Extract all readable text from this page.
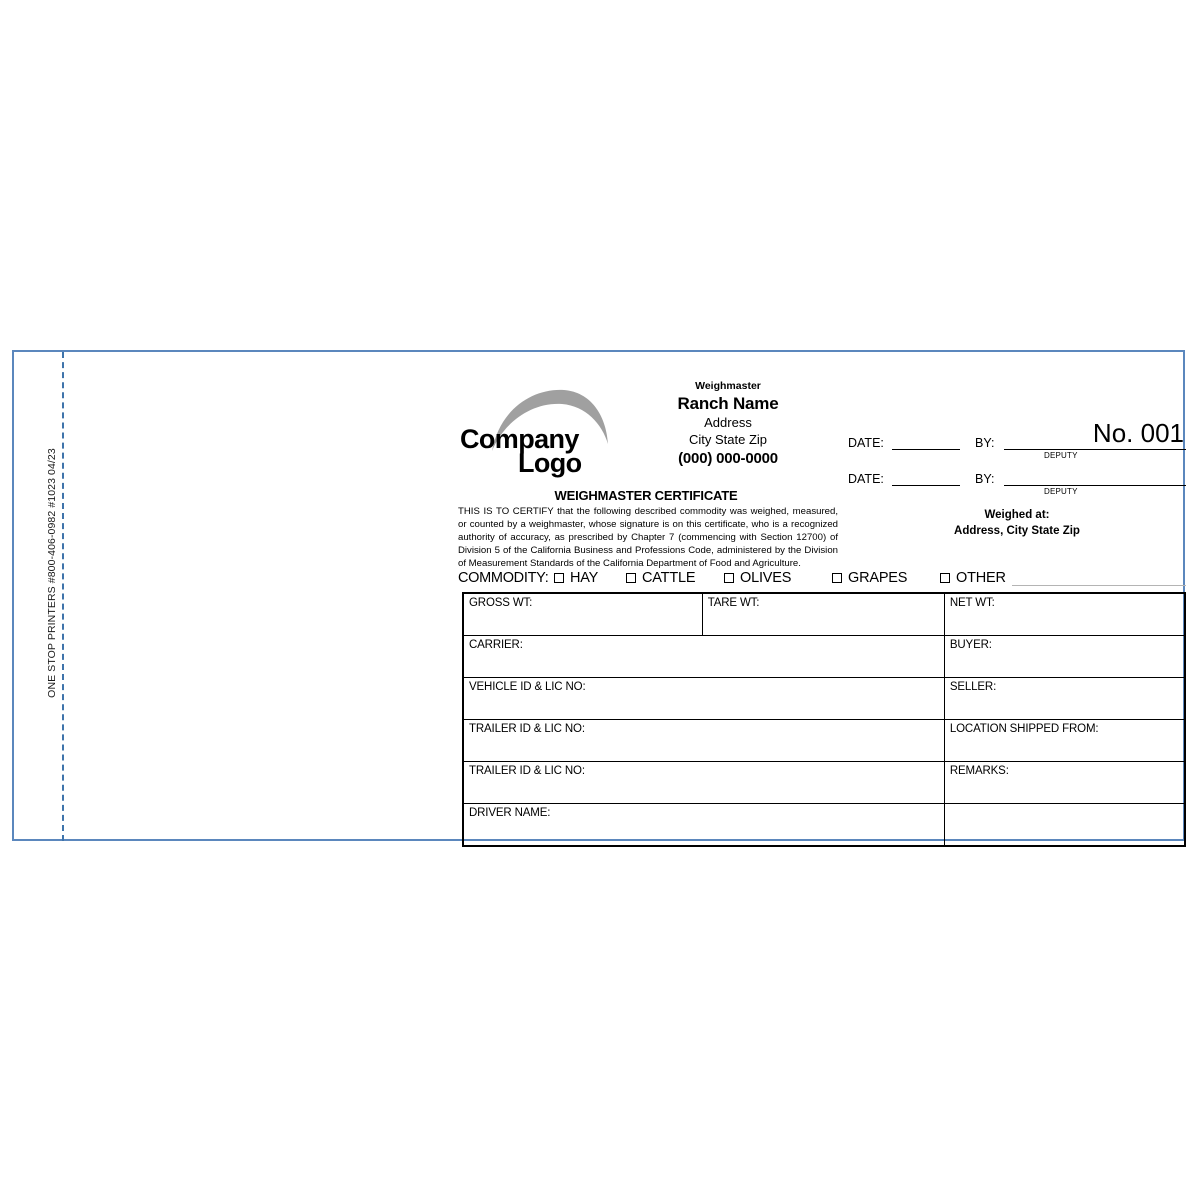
ONE STOP PRINTERS #800-406-0982 #1023 04/23
Company
Logo
Weighmaster
Ranch Name
Address
City State Zip
(000) 000-0000
No. 001
DATE:	BY:
DEPUTY
DATE:	BY:
DEPUTY
Weighed at:
Address, City State Zip
WEIGHMASTER CERTIFICATE
THIS IS TO CERTIFY that the following described commodity was weighed, measured, or counted by a weighmaster, whose signature is on this certificate, who is a recognized authority of accuracy, as prescribed by Chapter 7 (commencing with Section 12700) of Division 5 of the California Business and Professions Code, administered by the Division of Measurement Standards of the California Department of Food and Agriculture.
COMMODITY: HAY	CATTLE	OLIVES	GRAPES	OTHER
GROSS WT:	TARE WT:	NET WT:
CARRIER:		BUYER:
VEHICLE ID & LIC NO:		SELLER:
TRAILER ID & LIC NO:		LOCATION SHIPPED FROM:
TRAILER ID & LIC NO:		REMARKS:
DRIVER NAME:		
